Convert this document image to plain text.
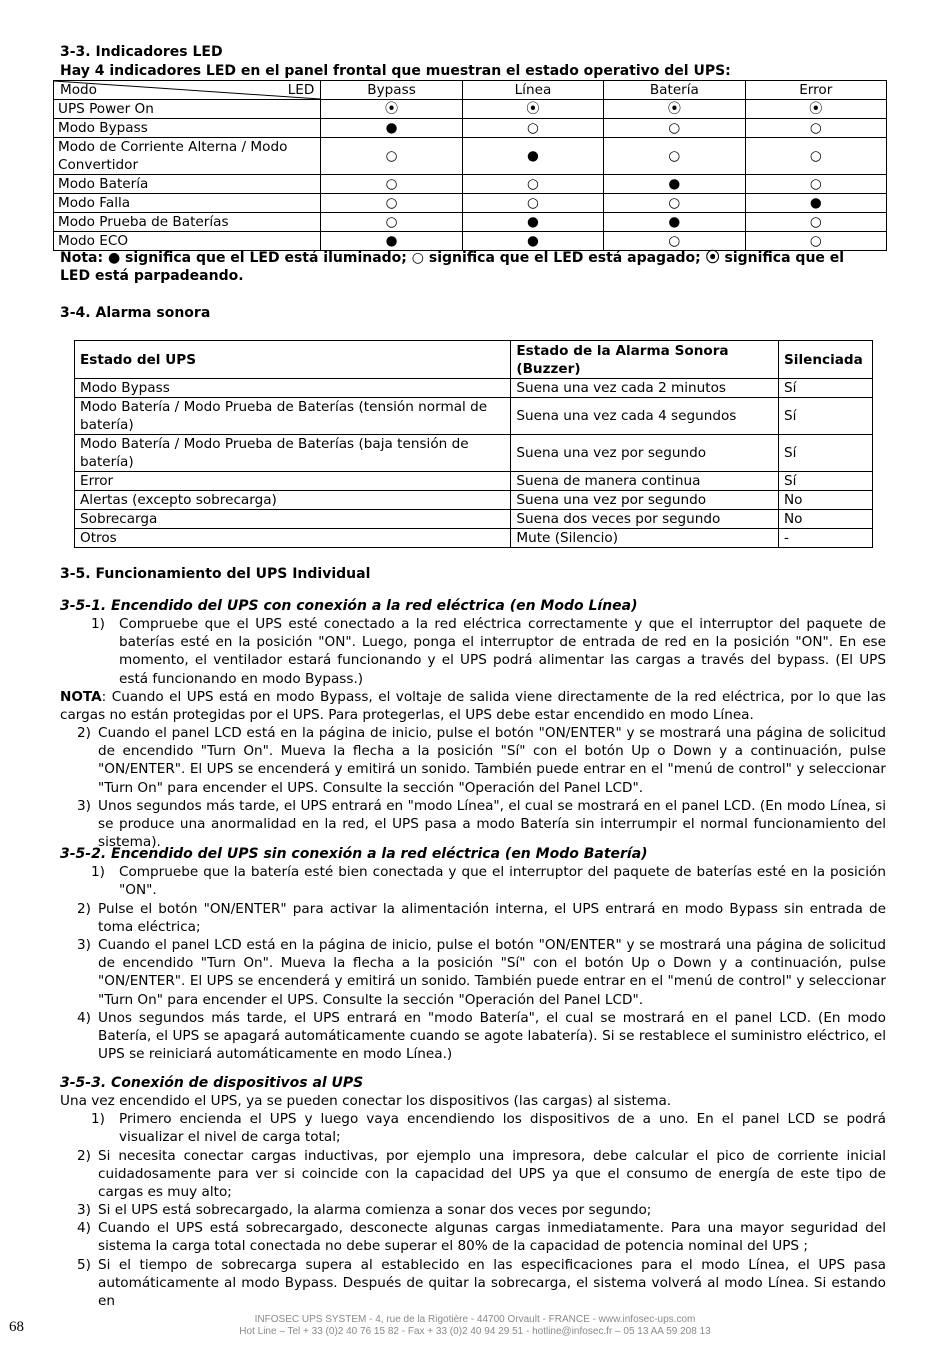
3-3. Indicadores LED
Hay 4 indicadores LED en el panel frontal que muestran el estado operativo del UPS:
Modo LED	Bypass	Línea	Batería	Error
UPS Power On	⦿	⦿	⦿	⦿
Modo Bypass	●	○	○	○
Modo de Corriente Alterna / Modo Convertidor	○	●	○	○
Modo Batería	○	○	●	○
Modo Falla	○	○	○	●
Modo Prueba de Baterías	○	●	●	○
Modo ECO	●	●	○	○
Nota: ● significa que el LED está iluminado; ○ significa que el LED está apagado; ⦿ significa que el LED está parpadeando.
3-4. Alarma sonora
Estado del UPS	Estado de la Alarma Sonora (Buzzer)	Silenciada
Modo Bypass	Suena una vez cada 2 minutos	Sí
Modo Batería / Modo Prueba de Baterías (tensión normal de batería)	Suena una vez cada 4 segundos	Sí
Modo Batería / Modo Prueba de Baterías (baja tensión de batería)	Suena una vez por segundo	Sí
Error	Suena de manera continua	Sí
Alertas (excepto sobrecarga)	Suena una vez por segundo	No
Sobrecarga	Suena dos veces por segundo	No
Otros	Mute (Silencio)	-
3-5. Funcionamiento del UPS Individual
3-5-1. Encendido del UPS con conexión a la red eléctrica (en Modo Línea)
1) Compruebe que el UPS esté conectado a la red eléctrica correctamente y que el interruptor del paquete de baterías esté en la posición "ON". Luego, ponga el interruptor de entrada de red en la posición "ON". En ese momento, el ventilador estará funcionando y el UPS podrá alimentar las cargas a través del bypass. (El UPS está funcionando en modo Bypass.)
NOTA: Cuando el UPS está en modo Bypass, el voltaje de salida viene directamente de la red eléctrica, por lo que las cargas no están protegidas por el UPS. Para protegerlas, el UPS debe estar encendido en modo Línea.
2) Cuando el panel LCD está en la página de inicio, pulse el botón "ON/ENTER" y se mostrará una página de solicitud de encendido "Turn On". Mueva la flecha a la posición "Sí" con el botón Up o Down y a continuación, pulse "ON/ENTER". El UPS se encenderá y emitirá un sonido. También puede entrar en el "menú de control" y seleccionar "Turn On" para encender el UPS. Consulte la sección "Operación del Panel LCD".
3) Unos segundos más tarde, el UPS entrará en "modo Línea", el cual se mostrará en el panel LCD. (En modo Línea, si se produce una anormalidad en la red, el UPS pasa a modo Batería sin interrumpir el normal funcionamiento del sistema).
3-5-2. Encendido del UPS sin conexión a la red eléctrica (en Modo Batería)
1) Compruebe que la batería esté bien conectada y que el interruptor del paquete de baterías esté en la posición "ON".
2) Pulse el botón "ON/ENTER" para activar la alimentación interna, el UPS entrará en modo Bypass sin entrada de toma eléctrica;
3) Cuando el panel LCD está en la página de inicio, pulse el botón "ON/ENTER" y se mostrará una página de solicitud de encendido "Turn On". Mueva la flecha a la posición "Sí" con el botón Up o Down y a continuación, pulse "ON/ENTER". El UPS se encenderá y emitirá un sonido. También puede entrar en el "menú de control" y seleccionar "Turn On" para encender el UPS. Consulte la sección "Operación del Panel LCD".
4) Unos segundos más tarde, el UPS entrará en "modo Batería", el cual se mostrará en el panel LCD. (En modo Batería, el UPS se apagará automáticamente cuando se agote labatería). Si se restablece el suministro eléctrico, el UPS se reiniciará automáticamente en modo Línea.)
3-5-3. Conexión de dispositivos al UPS
Una vez encendido el UPS, ya se pueden conectar los dispositivos (las cargas) al sistema.
1) Primero encienda el UPS y luego vaya encendiendo los dispositivos de a uno. En el panel LCD se podrá visualizar el nivel de carga total;
2) Si necesita conectar cargas inductivas, por ejemplo una impresora, debe calcular el pico de corriente inicial cuidadosamente para ver si coincide con la capacidad del UPS ya que el consumo de energía de este tipo de cargas es muy alto;
3) Si el UPS está sobrecargado, la alarma comienza a sonar dos veces por segundo;
4) Cuando el UPS está sobrecargado, desconecte algunas cargas inmediatamente. Para una mayor seguridad del sistema la carga total conectada no debe superar el 80% de la capacidad de potencia nominal del UPS ;
5) Si el tiempo de sobrecarga supera al establecido en las especificaciones para el modo Línea, el UPS pasa automáticamente al modo Bypass. Después de quitar la sobrecarga, el sistema volverá al modo Línea. Si estando en
INFOSEC UPS SYSTEM - 4, rue de la Rigotière - 44700 Orvault - FRANCE - www.infosec-ups.com
Hot Line – Tel + 33 (0)2 40 76 15 82 - Fax + 33 (0)2 40 94 29 51 - hotline@infosec.fr – 05 13 AA 59 208 13
68
